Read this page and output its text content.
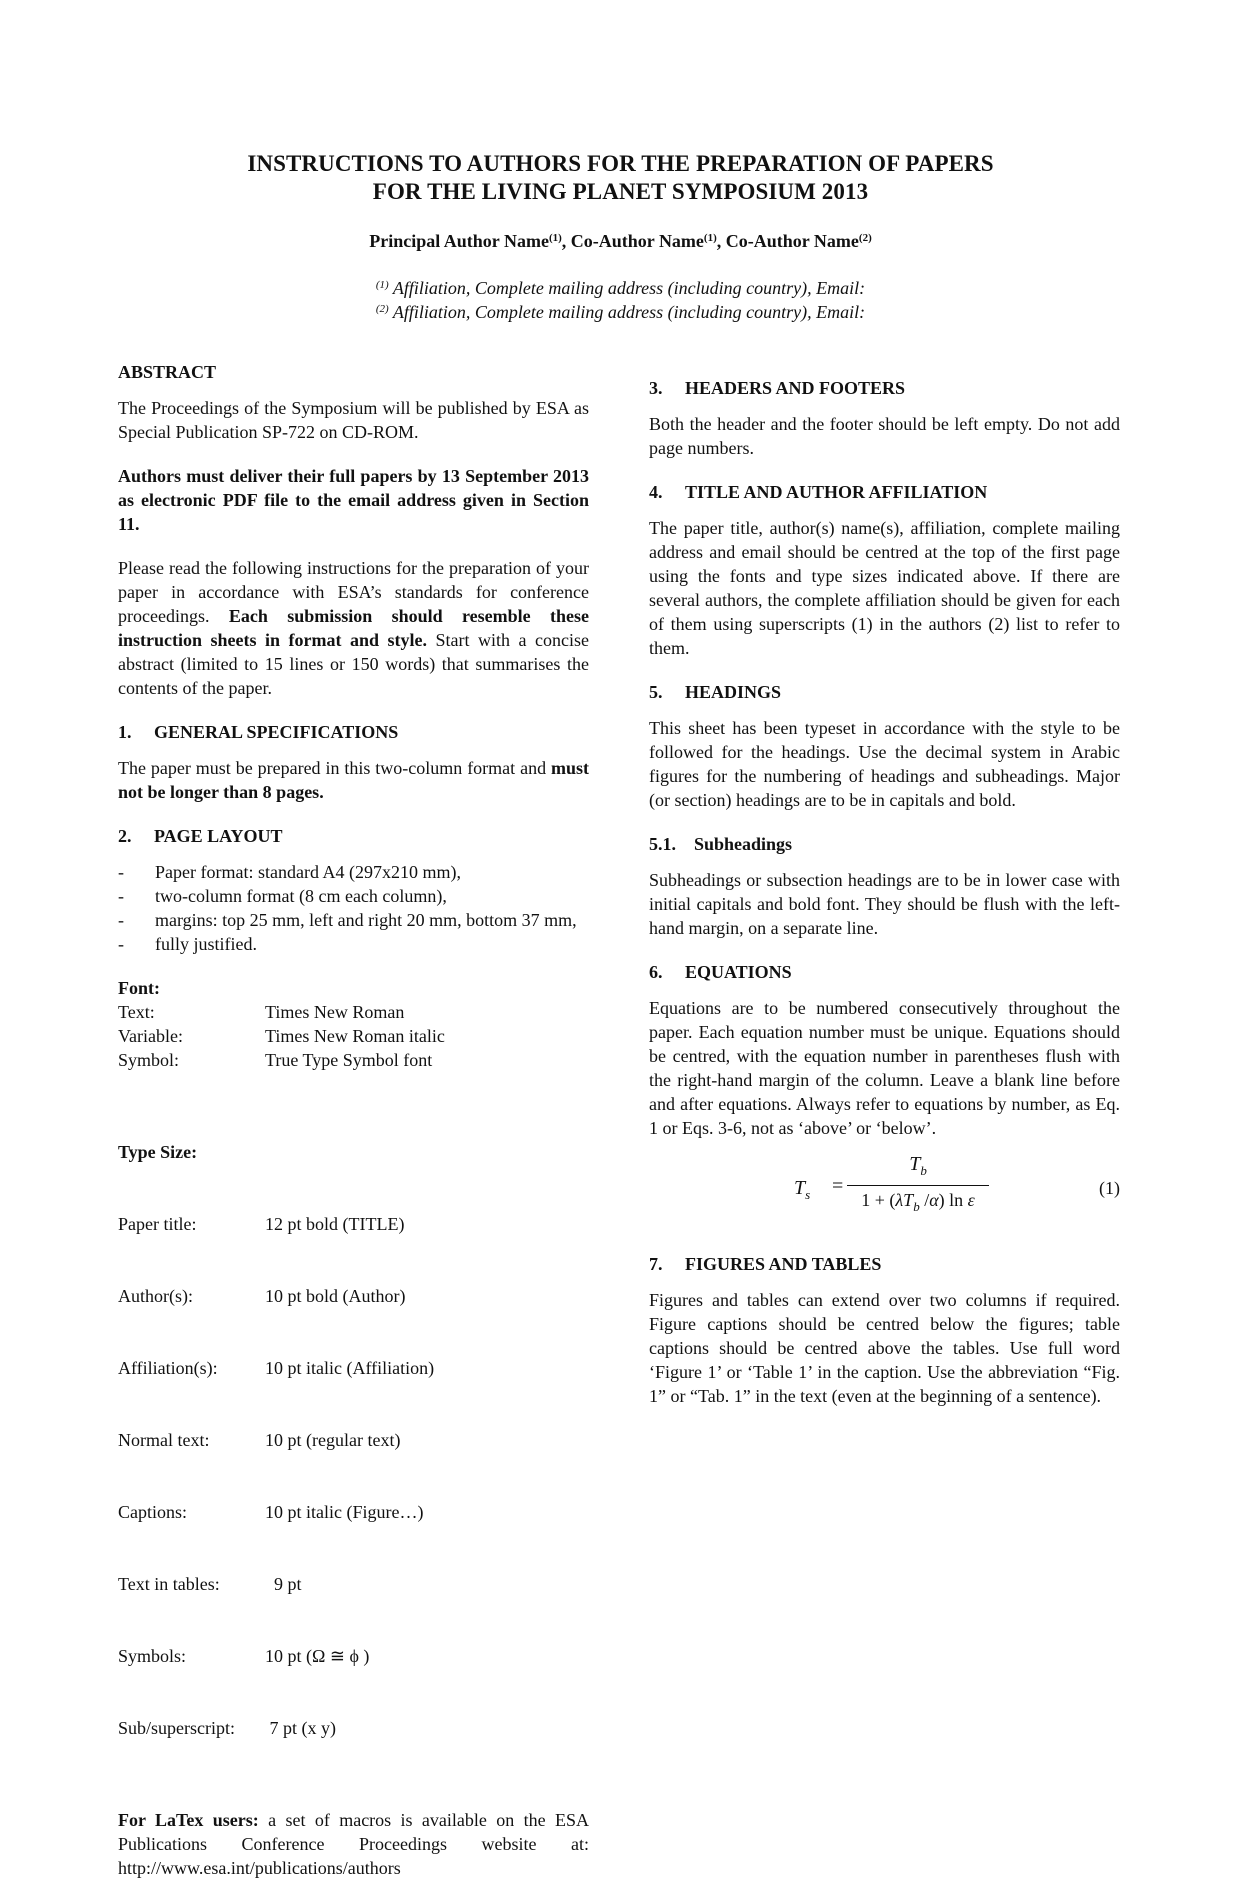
INSTRUCTIONS TO AUTHORS FOR THE PREPARATION OF PAPERS
FOR THE LIVING PLANET SYMPOSIUM 2013
Principal Author Name$^{(1)}$, Co-Author Name$^{(1)}$, Co-Author Name$^{(2)}$
$^{(1)}$ Affiliation, Complete mailing address (including country), Email:
$^{(2)}$ Affiliation, Complete mailing address (including country), Email:
ABSTRACT

The Proceedings of the Symposium will be published by ESA as Special Publication SP-722 on CD-ROM.

Authors must deliver their full papers by 13 September 2013 as electronic PDF file to the email address given in Section 11.

Please read the following instructions for the preparation of your paper in accordance with ESA’s standards for conference proceedings. Each submission should resemble these instruction sheets in format and style. Start with a concise abstract (limited to 15 lines or 150 words) that summarises the contents of the paper.

1. GENERAL SPECIFICATIONS

The paper must be prepared in this two-column format and must not be longer than 8 pages.

2. PAGE LAYOUT
- Paper format: standard A4 (297x210 mm),
- two-column format (8 cm each column),
- margins: top 25 mm, left and right 20 mm, bottom 37 mm,
- fully justified.
Font:
Text:	Times New Roman
Variable:	Times New Roman italic
Symbol:	True Type Symbol font

Type Size:

Paper title:	12 pt bold (TITLE)

Author(s):	10 pt bold (Author)

Affiliation(s):	10 pt italic (Affiliation)

Normal text:	10 pt (regular text)

Captions:	10 pt italic (Figure…)

Text in tables:	9 pt

Symbols:	10 pt (Ω ≅ ϕ )

Sub/superscript:	7 pt (x y)

For LaTex users: a set of macros is available on the ESA Publications Conference Proceedings website at: http://www.esa.int/publications/authors

3. HEADERS AND FOOTERS

Both the header and the footer should be left empty. Do not add page numbers.

4. TITLE AND AUTHOR AFFILIATION

The paper title, author(s) name(s), affiliation, complete mailing address and email should be centred at the top of the first page using the fonts and type sizes indicated above. If there are several authors, the complete affiliation should be given for each of them using superscripts (1) in the authors (2) list to refer to them.

5. HEADINGS

This sheet has been typeset in accordance with the style to be followed for the headings. Use the decimal system in Arabic figures for the numbering of headings and subheadings. Major (or section) headings are to be in capitals and bold.

5.1. Subheadings

Subheadings or subsection headings are to be in lower case with initial capitals and bold font. They should be flush with the left-hand margin, on a separate line.

6. EQUATIONS

Equations are to be numbered consecutively throughout the paper. Each equation number must be unique. Equations should be centred, with the equation number in parentheses flush with the right-hand margin of the column. Leave a blank line before and after equations. Always refer to equations by number, as Eq. 1 or Eqs. 3-6, not as ‘above’ or ‘below’.

$T_s$ =
$T_b$
$1 + (\lambda T_b$ /α) ln ε
(1)
7. FIGURES AND TABLES

Figures and tables can extend over two columns if required. Figure captions should be centred below the figures; table captions should be centred above the tables. Use full word ‘Figure 1’ or ‘Table 1’ in the caption. Use the abbreviation “Fig. 1” or “Tab. 1” in the text (even at the beginning of a sentence).
